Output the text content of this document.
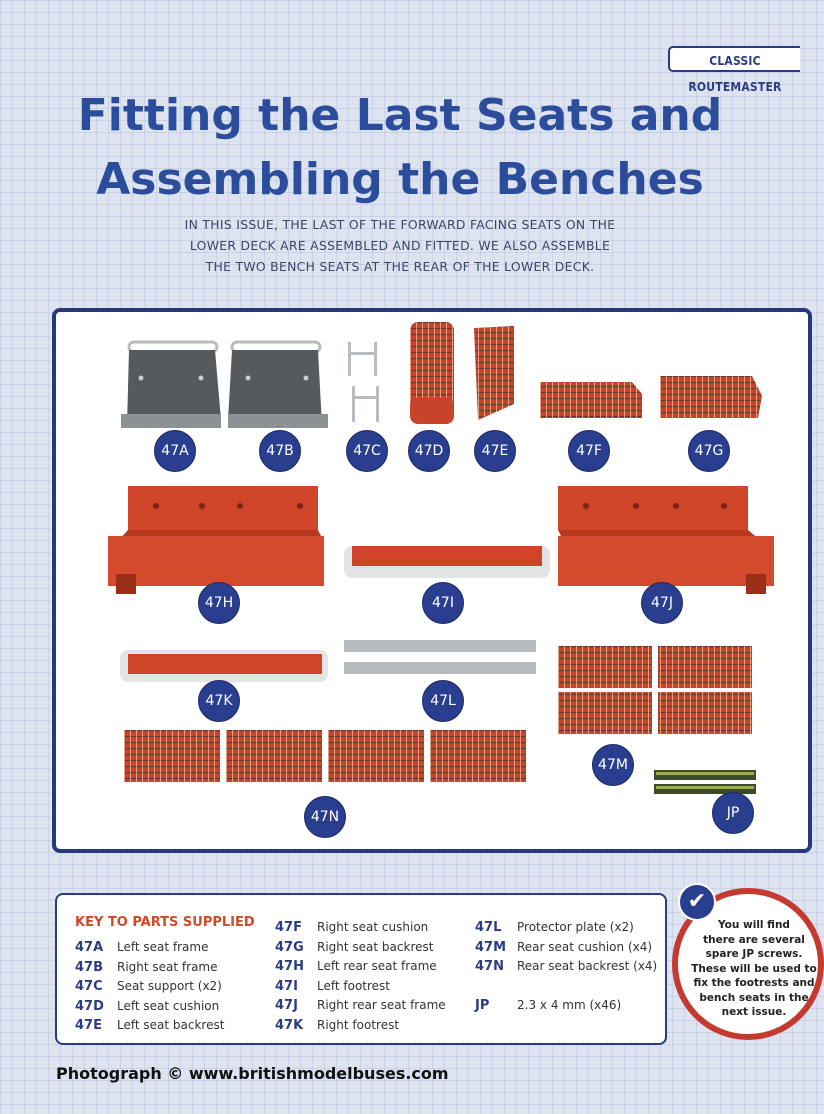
CLASSIC ROUTEMASTER
Fitting the Last Seats and
Assembling the Benches
IN THIS ISSUE, THE LAST OF THE FORWARD FACING SEATS ON THE
LOWER DECK ARE ASSEMBLED AND FITTED. WE ALSO ASSEMBLE
THE TWO BENCH SEATS AT THE REAR OF THE LOWER DECK.
47A	47B	47C	47D	47E	47F	47G
47H	47I	47J
47K	47L
47M
47N	JP
KEY TO PARTS SUPPLIED
47A Left seat frame
47B Right seat frame
47C Seat support (x2)
47D Left seat cushion
47E Left seat backrest
47F Right seat cushion
47G Right seat backrest
47H Left rear seat frame
47I Left footrest
47J Right rear seat frame
47K Right footrest
47L Protector plate (x2)
47M Rear seat cushion (x4)
47N Rear seat backrest (x4)
JP 2.3 x 4 mm (x46)
You will find
there are several
spare JP screws.
These will be used to
fix the footrests and
bench seats in the
next issue.
✔
Photograph © www.britishmodelbuses.com
